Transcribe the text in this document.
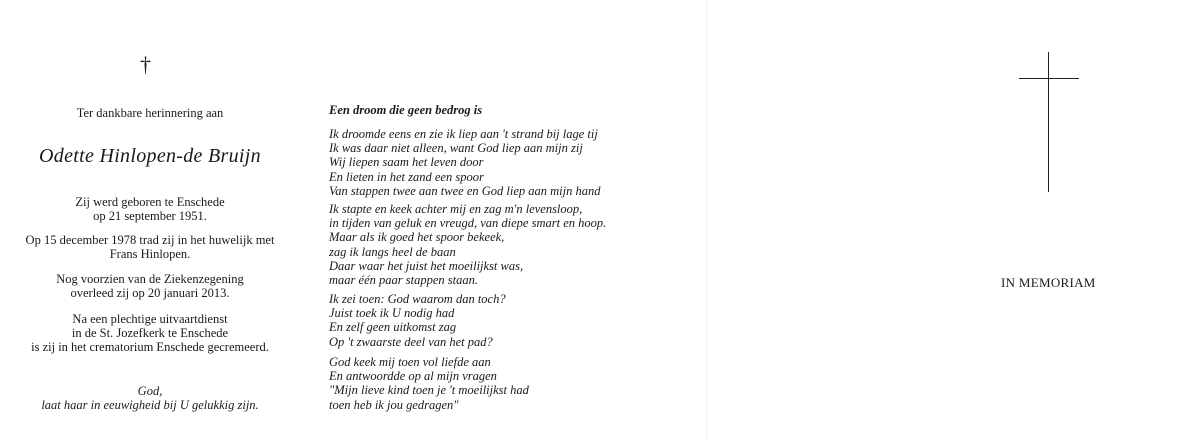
†
Ter dankbare herinnering aan
Odette Hinlopen-de Bruijn
Zij werd geboren te Enschede
op 21 september 1951.
Op 15 december 1978 trad zij in het huwelijk met
Frans Hinlopen.
Nog voorzien van de Ziekenzegening
overleed zij op 20 januari 2013.
Na een plechtige uitvaartdienst
in de St. Jozefkerk te Enschede
is zij in het crematorium Enschede gecremeerd.
God,
laat haar in eeuwigheid bij U gelukkig zijn.
Een droom die geen bedrog is
Ik droomde eens en zie ik liep aan 't strand bij lage tij
Ik was daar niet alleen, want God liep aan mijn zij
Wij liepen saam het leven door
En lieten in het zand een spoor
Van stappen twee aan twee en God liep aan mijn hand
Ik stapte en keek achter mij en zag m'n levensloop,
in tijden van geluk en vreugd, van diepe smart en hoop.
Maar als ik goed het spoor bekeek,
zag ik langs heel de baan
Daar waar het juist het moeilijkst was,
maar één paar stappen staan.
Ik zei toen: God waarom dan toch?
Juist toek ik U nodig had
En zelf geen uitkomst zag
Op 't zwaarste deel van het pad?
God keek mij toen vol liefde aan
En antwoordde op al mijn vragen
"Mijn lieve kind toen je 't moeilijkst had
toen heb ik jou gedragen"
IN MEMORIAM
